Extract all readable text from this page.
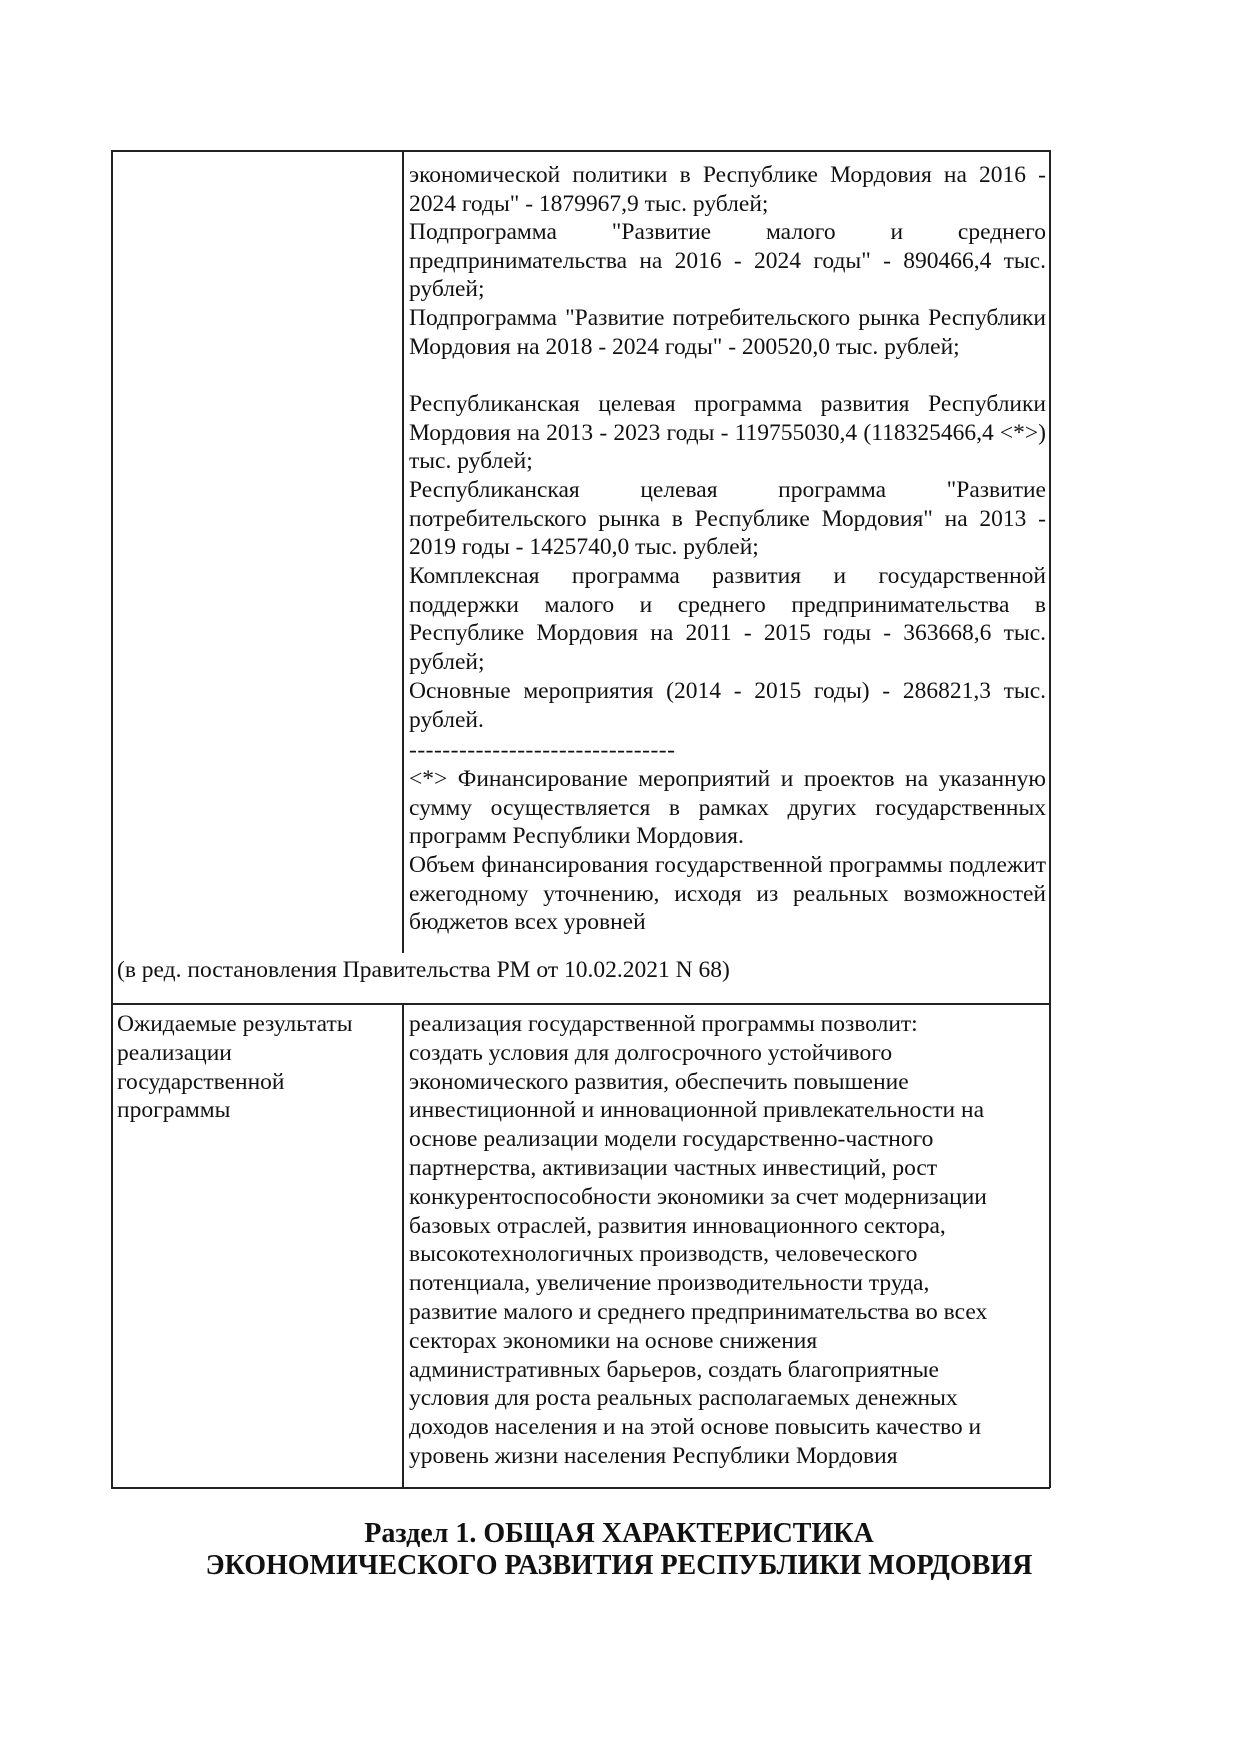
экономической политики в Республике Мордовия на 2016 - 2024 годы" - 1879967,9 тыс. рублей;

Подпрограмма "Развитие малого и среднего предпринимательства на 2016 - 2024 годы" - 890466,4 тыс. рублей;

Подпрограмма "Развитие потребительского рынка Республики Мордовия на 2018 - 2024 годы" - 200520,0 тыс. рублей;

Республиканская целевая программа развития Республики Мордовия на 2013 - 2023 годы - 119755030,4 (118325466,4 <*>) тыс. рублей;

Республиканская целевая программа "Развитие потребительского рынка в Республике Мордовия" на 2013 - 2019 годы - 1425740,0 тыс. рублей;

Комплексная программа развития и государственной поддержки малого и среднего предпринимательства в Республике Мордовия на 2011 - 2015 годы - 363668,6 тыс. рублей;

Основные мероприятия (2014 - 2015 годы) - 286821,3 тыс. рублей.

--------------------------------

<*> Финансирование мероприятий и проектов на указанную сумму осуществляется в рамках других государственных программ Республики Мордовия.

Объем финансирования государственной программы подлежит ежегодному уточнению, исходя из реальных возможностей бюджетов всех уровней

(в ред. постановления Правительства РМ от 10.02.2021 N 68)

Ожидаемые результаты
реализации
государственной
программы

реализация государственной программы позволит:
создать условия для долгосрочного устойчивого
экономического развития, обеспечить повышение
инвестиционной и инновационной привлекательности на
основе реализации модели государственно-частного
партнерства, активизации частных инвестиций, рост
конкурентоспособности экономики за счет модернизации
базовых отраслей, развития инновационного сектора,
высокотехнологичных производств, человеческого
потенциала, увеличение производительности труда,
развитие малого и среднего предпринимательства во всех
секторах экономики на основе снижения
административных барьеров, создать благоприятные
условия для роста реальных располагаемых денежных
доходов населения и на этой основе повысить качество и
уровень жизни населения Республики Мордовия

Раздел 1. ОБЩАЯ ХАРАКТЕРИСТИКА
ЭКОНОМИЧЕСКОГО РАЗВИТИЯ РЕСПУБЛИКИ МОРДОВИЯ
